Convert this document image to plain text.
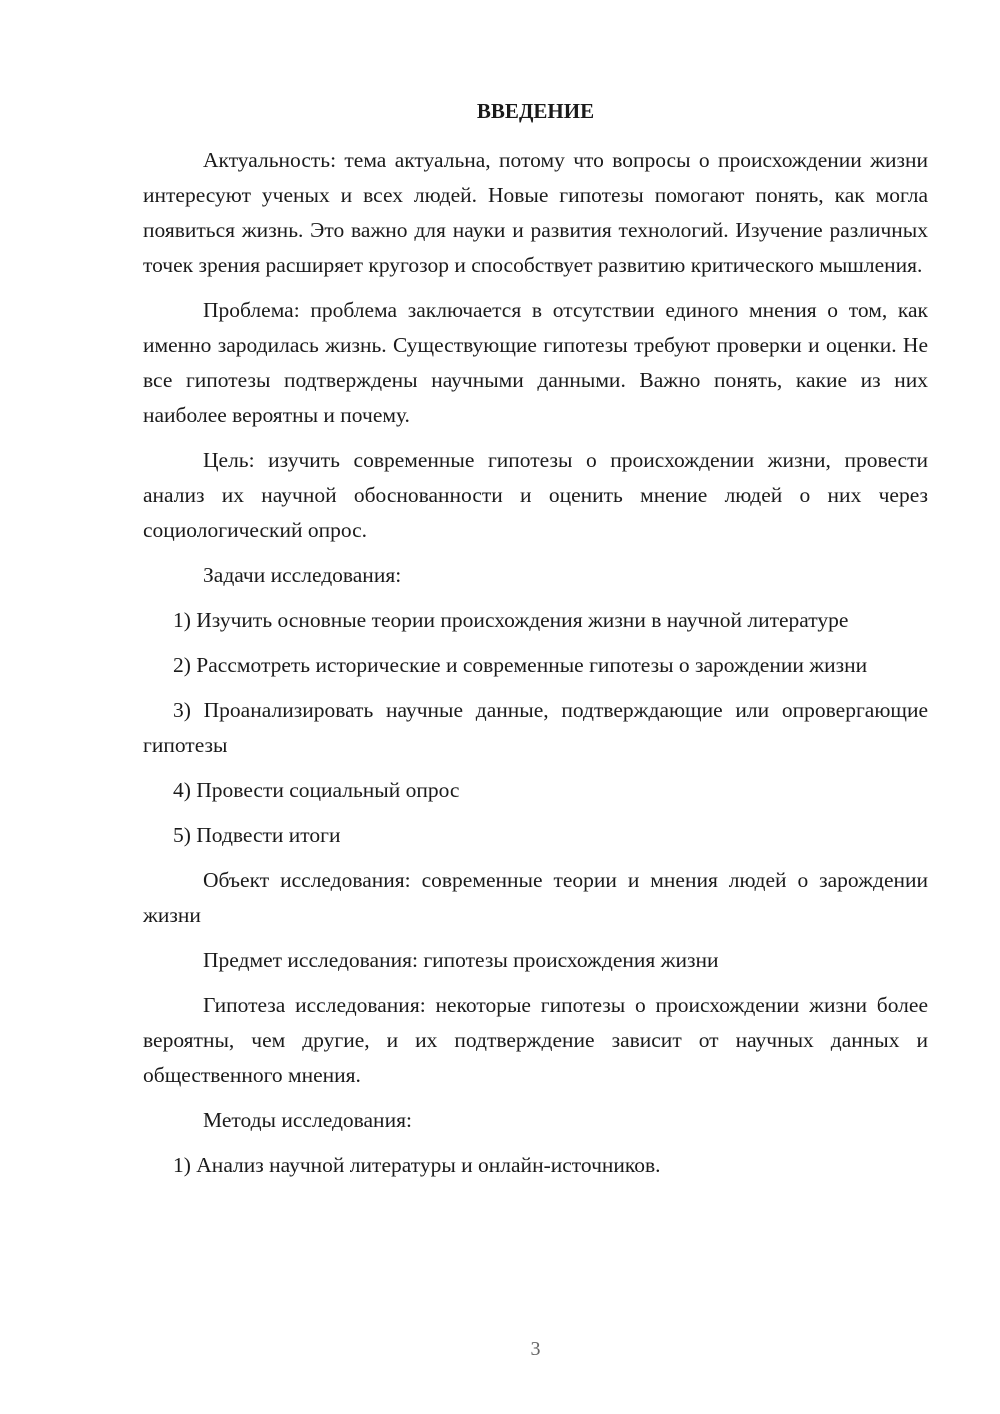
ВВЕДЕНИЕ

Актуальность: тема актуальна, потому что вопросы о происхождении жизни интересуют ученых и всех людей. Новые гипотезы помогают понять, как могла появиться жизнь. Это важно для науки и развития технологий. Изучение различных точек зрения расширяет кругозор и способствует развитию критического мышления.

Проблема: проблема заключается в отсутствии единого мнения о том, как именно зародилась жизнь. Существующие гипотезы требуют проверки и оценки. Не все гипотезы подтверждены научными данными. Важно понять, какие из них наиболее вероятны и почему.

Цель: изучить современные гипотезы о происхождении жизни, провести анализ их научной обоснованности и оценить мнение людей о них через социологический опрос.

Задачи исследования:

1) Изучить основные теории происхождения жизни в научной литературе

2) Рассмотреть исторические и современные гипотезы о зарождении жизни

3) Проанализировать научные данные, подтверждающие или опровергающие гипотезы

4) Провести социальный опрос

5) Подвести итоги

Объект исследования: современные теории и мнения людей о зарождении жизни

Предмет исследования: гипотезы происхождения жизни

Гипотеза исследования: некоторые гипотезы о происхождении жизни более вероятны, чем другие, и их подтверждение зависит от научных данных и общественного мнения.

Методы исследования:

1) Анализ научной литературы и онлайн-источников.

3
